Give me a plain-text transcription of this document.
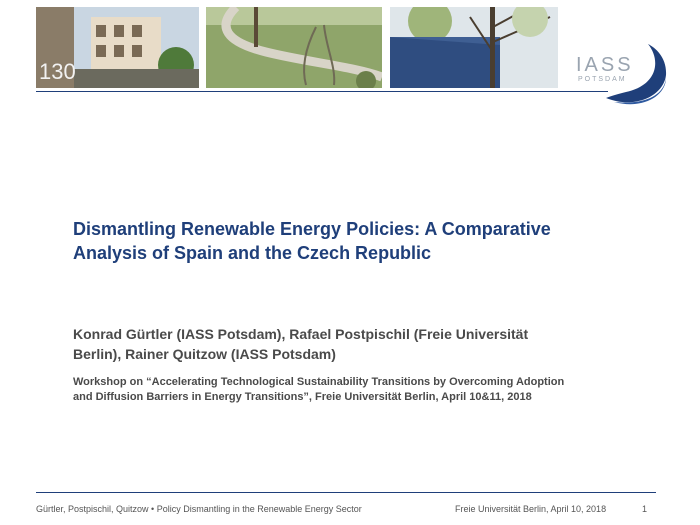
130	IASS
POTSDAM
Dismantling Renewable Energy Policies: A Comparative
Analysis of Spain and the Czech Republic

Konrad Gürtler (IASS Potsdam), Rafael Postpischil (Freie Universität
Berlin), Rainer Quitzow (IASS Potsdam)

Workshop on “Accelerating Technological Sustainability Transitions by Overcoming Adoption
and Diffusion Barriers in Energy Transitions”, Freie Universität Berlin, April 10&11, 2018

Gürtler, Postpischil, Quitzow • Policy Dismantling in the Renewable Energy Sector	Freie Universität Berlin, April 10, 2018	1
